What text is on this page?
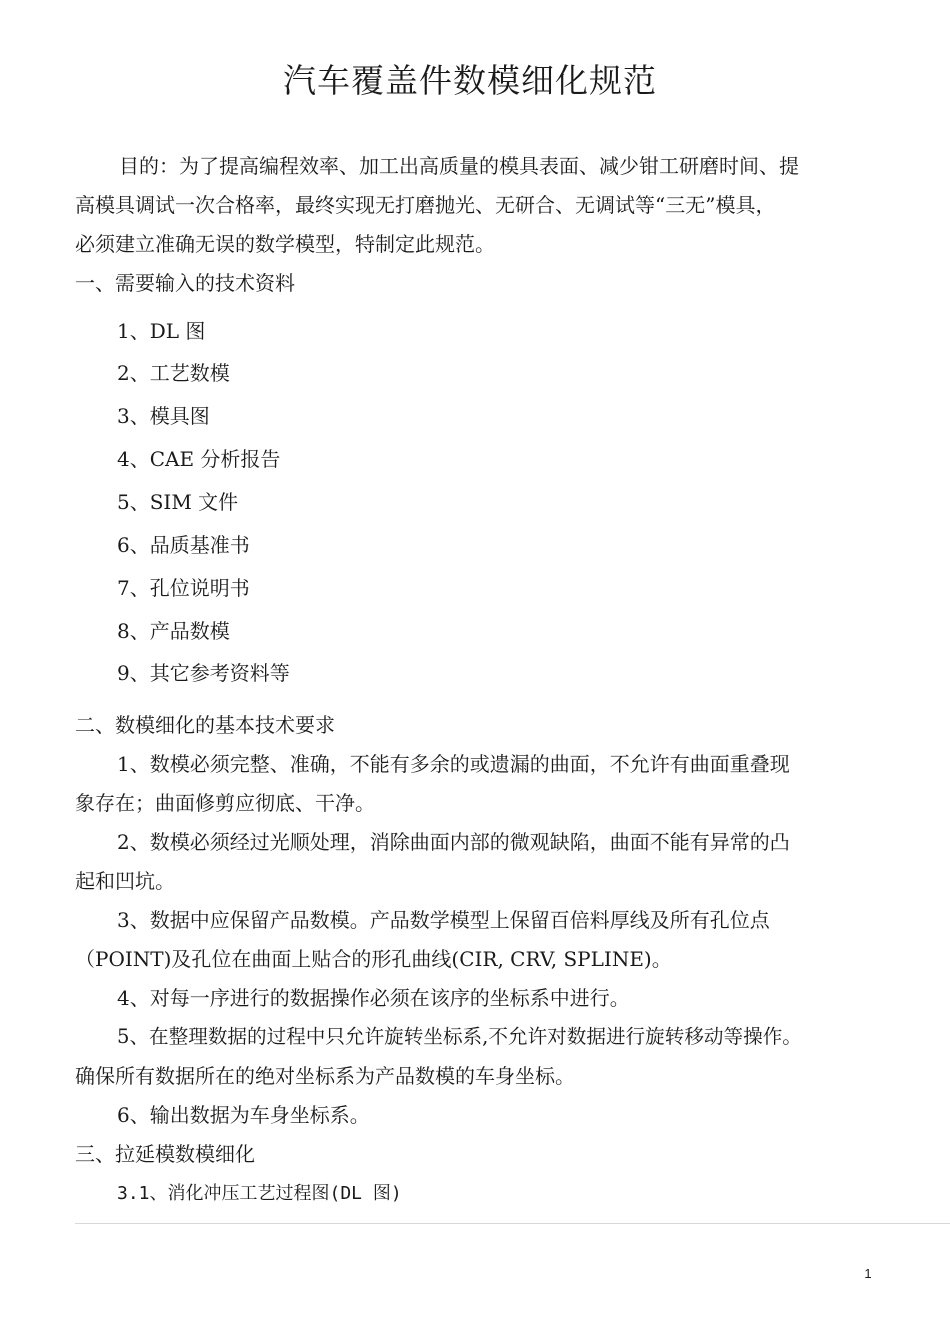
汽车覆盖件数模细化规范
目的：为了提高编程效率、加工出高质量的模具表面、减少钳工研磨时间、提
高模具调试一次合格率，最终实现无打磨抛光、无研合、无调试等“三无”模具，
必须建立准确无误的数学模型，特制定此规范。
一、需要输入的技术资料
1、DL 图
2、工艺数模
3、模具图
4、CAE 分析报告
5、SIM 文件
6、品质基准书
7、孔位说明书
8、产品数模
9、其它参考资料等
二、数模细化的基本技术要求
1、数模必须完整、准确，不能有多余的或遗漏的曲面，不允许有曲面重叠现
象存在；曲面修剪应彻底、干净。
2、数模必须经过光顺处理，消除曲面内部的微观缺陷，曲面不能有异常的凸
起和凹坑。
3、数据中应保留产品数模。产品数学模型上保留百倍料厚线及所有孔位点
（POINT)及孔位在曲面上贴合的形孔曲线(CIR, CRV, SPLINE)。
4、对每一序进行的数据操作必须在该序的坐标系中进行。
5、在整理数据的过程中只允许旋转坐标系,不允许对数据进行旋转移动等操作。
确保所有数据所在的绝对坐标系为产品数模的车身坐标。
6、输出数据为车身坐标系。
三、拉延模数模细化
3.1、消化冲压工艺过程图(DL 图)
1
